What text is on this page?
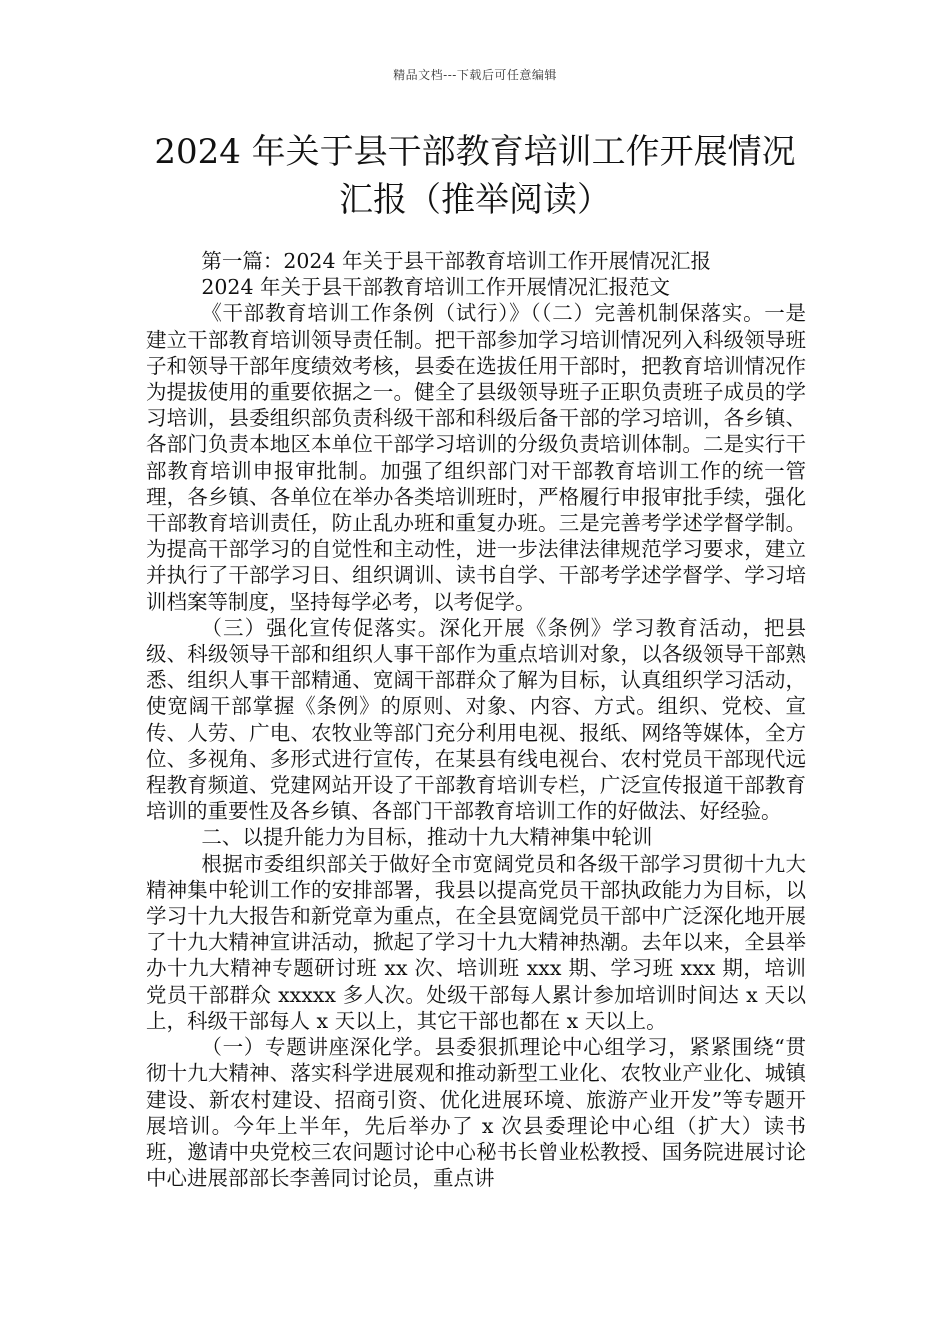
精品文档---下载后可任意编辑
2024 年关于县干部教育培训工作开展情况
汇报（推举阅读）

第一篇：2024 年关于县干部教育培训工作开展情况汇报

2024 年关于县干部教育培训工作开展情况汇报范文

《干部教育培训工作条例（试行）》（（二）完善机制保落实。一是建立干部教育培训领导责任制。把干部参加学习培训情况列入科级领导班子和领导干部年度绩效考核，县委在选拔任用干部时，把教育培训情况作为提拔使用的重要依据之一。健全了县级领导班子正职负责班子成员的学习培训，县委组织部负责科级干部和科级后备干部的学习培训，各乡镇、各部门负责本地区本单位干部学习培训的分级负责培训体制。二是实行干部教育培训申报审批制。加强了组织部门对干部教育培训工作的统一管理，各乡镇、各单位在举办各类培训班时，严格履行申报审批手续，强化干部教育培训责任，防止乱办班和重复办班。三是完善考学述学督学制。为提高干部学习的自觉性和主动性，进一步法律法律规范学习要求，建立并执行了干部学习日、组织调训、读书自学、干部考学述学督学、学习培训档案等制度，坚持每学必考，以考促学。

（三）强化宣传促落实。深化开展《条例》学习教育活动，把县级、科级领导干部和组织人事干部作为重点培训对象，以各级领导干部熟悉、组织人事干部精通、宽阔干部群众了解为目标，认真组织学习活动，使宽阔干部掌握《条例》的原则、对象、内容、方式。组织、党校、宣传、人劳、广电、农牧业等部门充分利用电视、报纸、网络等媒体，全方位、多视角、多形式进行宣传，在某县有线电视台、农村党员干部现代远程教育频道、党建网站开设了干部教育培训专栏，广泛宣传报道干部教育培训的重要性及各乡镇、各部门干部教育培训工作的好做法、好经验。

二、以提升能力为目标，推动十九大精神集中轮训

根据市委组织部关于做好全市宽阔党员和各级干部学习贯彻十九大精神集中轮训工作的安排部署，我县以提高党员干部执政能力为目标，以学习十九大报告和新党章为重点，在全县宽阔党员干部中广泛深化地开展了十九大精神宣讲活动，掀起了学习十九大精神热潮。去年以来，全县举办十九大精神专题研讨班 xx 次、培训班 xxx 期、学习班 xxx 期，培训党员干部群众 xxxxx 多人次。处级干部每人累计参加培训时间达 x 天以上，科级干部每人 x 天以上，其它干部也都在 x 天以上。

（一）专题讲座深化学。县委狠抓理论中心组学习，紧紧围绕“贯彻十九大精神、落实科学进展观和推动新型工业化、农牧业产业化、城镇建设、新农村建设、招商引资、优化进展环境、旅游产业开发”等专题开展培训。今年上半年，先后举办了 x 次县委理论中心组（扩大）读书班，邀请中央党校三农问题讨论中心秘书长曾业松教授、国务院进展讨论中心进展部部长李善同讨论员，重点讲
